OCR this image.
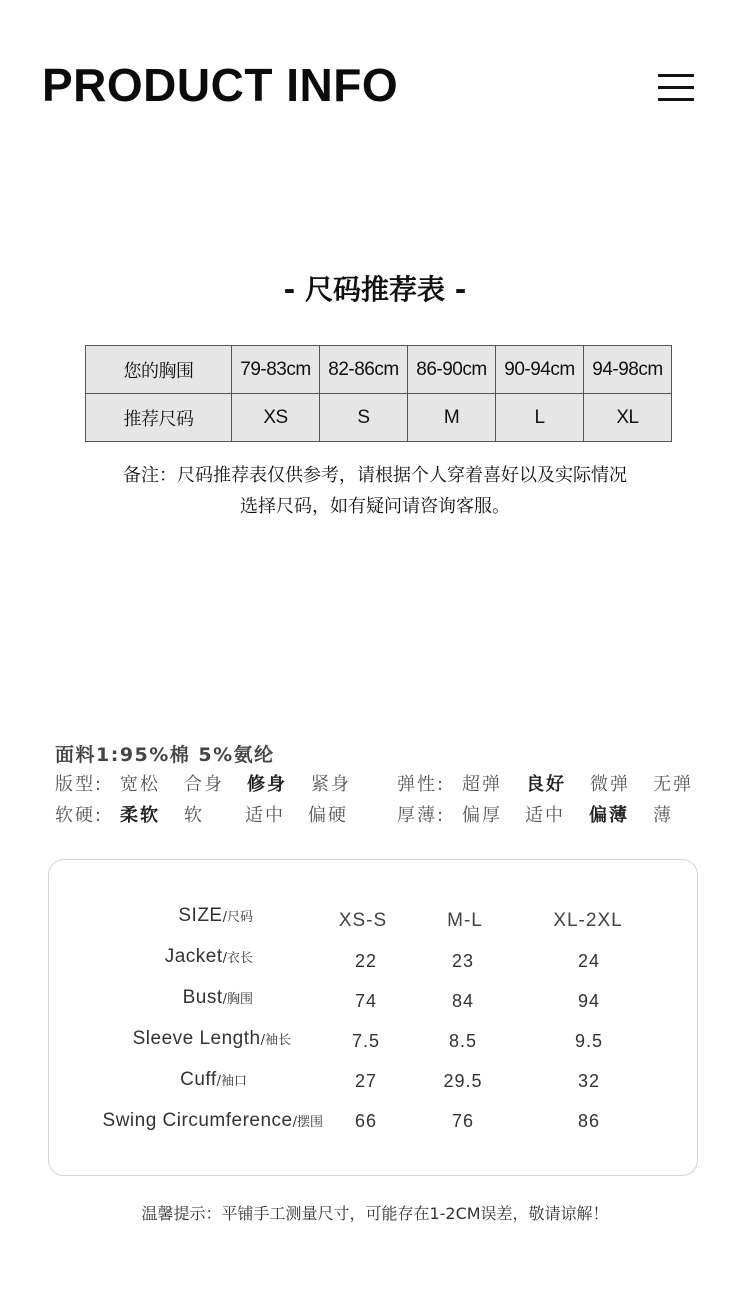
PRODUCT INFO
- 尺码推荐表 -
您的胸围	79-83cm	82-86cm	86-90cm	90-94cm	94-98cm
推荐尺码	XS	S	M	L	XL
备注：尺码推荐表仅供参考，请根据个人穿着喜好以及实际情况
选择尺码，如有疑问请咨询客服。
面料1:95%棉 5%氨纶
版型: 宽松 合身 修身 紧身	弹性: 超弹 良好 微弹 无弹
软硬: 柔软 软 适中 偏硬	厚薄: 偏厚 适中 偏薄 薄
SIZE/尺码	XS-S	M-L	XL-2XL
Jacket/衣长	22	23	24
Bust/胸围	74	84	94
Sleeve Length/袖长	7.5	8.5	9.5
Cuff/袖口	27	29.5	32
Swing Circumference/摆围	66	76	86
温馨提示：平铺手工测量尺寸，可能存在1-2CM误差，敬请谅解！
